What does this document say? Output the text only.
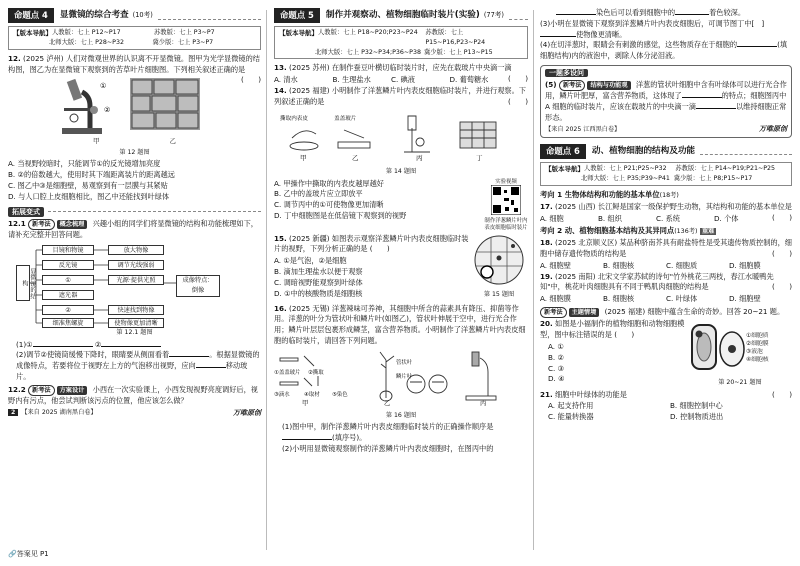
命题点 4	显微镜的综合考查 (10考)
【版本导航】 人教版：七上 P12~P17	苏教版：七上 P3~P7
北师大版：七上 P28~P32	冀少版：七上 P3~P7
12. (2025 泸州) 人们对微观世界的认识离不开显微镜。图甲为光学显微镜的结构图，图乙为在显微镜下观察到的苦草叶片细胞图。下列相关叙述正确的是
(　　)
①
②
甲	乙
第 12 题图
A. 当视野较暗时，只能调节①的反光镜增加亮度
B. ②的倍数越大，使用时其下端距离装片的距离越远
C. 图乙中③是细胞壁，易观察到有一层膜与其紧贴
D. 与人口腔上皮细胞相比，图乙中还能找到叶绿体
拓展变式
12.1 新考法 概念梳理 兴趣小组的同学们将显微镜的结构和功能梳理如下，请补充完整并回答问题。
显微镜的结构
目镜和物镜
反光镜
①
遮光器
②
细准焦螺旋
放大物像
调节光线强弱
光源·提供光照
快速找到物像
使物像更加清晰
成像特点：倒像
第 12.1 题图
(1)①	②
(2)调节②使镜筒缓慢下降时，眼睛要从侧面看着	。根据显微镜的成像特点，若要将位于视野左上方的气泡移出视野，应向	移动玻片。
12.2 新考法 方案设计 小西在一次实验课上，小西发现视野亮度调好后，视野内有污点，他尝试判断该污点的位置，他应该怎么做？
2 【来自 2025 湖南黑白卷】	万唯原创
命题点 5	制作并观察动、植物细胞临时装片(实验) (77考)
【版本导航】 人教版：七上 P18~P20;P23~P24	苏教版：七上 P15~P16,P23~P24
北师大版：七上 P32~P34;P36~P38 冀少版：七上 P13~P15
13. (2025 苏州) 在制作蚕豆叶横切临时装片时，应先在载玻片中央滴一滴
(　　)
A. 清水	B. 生理盐水	C. 碘液	D. 葡萄糖水
14. (2025 福建) 小明制作了洋葱鳞片叶内表皮细胞临时装片，并进行观察。下列叙述正确的是	(　　)
撕取内表皮	盖盖玻片
甲	乙	丙	丁
第 14 题图
A. 甲操作中撕取的内表皮越厚越好
B. 乙中的盖玻片应立即放平
C. 调节丙中的①可使物像更加清晰
D. 丁中细胞图是在低倍镜下观察到的视野
实验视频
制作洋葱鳞片叶内表皮细胞临时装片
15. (2025 新疆) 如图表示观察洋葱鳞片叶内表皮细胞临时装片的视野，下列分析正确的是 (　　)
A. ①是气泡，②是细胞
B. 滴加生理盐水以便于观察
C. 调暗视野能观察到叶绿体
D. ①中的核酸物质是细胞核	第 15 题图
16. (2025 无锡) 洋葱辣味可养神，其细胞中所含的蒜素具有降压、抑菌等作用。洋葱的叶分为管状叶和鳞片叶(如图乙)，管状叶伸展于空中，进行光合作用；鳞片叶层层包裹形成鳞茎，富含营养物质。小明制作了洋葱鳞片叶内表皮细胞的临时装片，请回答下列问题。
①盖盖玻片 ②撕取
③滴水	④取材 ⑤染色
管状叶
鳞片叶
甲	乙	丙
第 16 题图
(1)图中甲，制作洋葱鳞片叶内表皮细胞临时装片的正确操作顺序是(填序号)。
(2)小明用显微镜观察制作的洋葱鳞片叶内表皮细胞时，在图丙中的
染色后可以看到细胞中的	着色较深。
(3)小明在显微镜下观察到洋葱鳞片叶内表皮细胞后，可调节图丁中[　]使物像更清晰。
(4)在切洋葱时，眼睛会有刺激的感觉，这些物质存在于细胞的	(填细胞结构)内的液泡中，剥除人体分泌泪液。
一题多设问
(5) 新考法 结构与功能观 洋葱的管状叶细胞中含有叶绿体可以进行光合作用，鳞片叶肥厚，富含营养物质，这体现了	的特点；细胞图丙中 A 细胞的临时装片，应该在载玻片的中央滴一滴	以维持细胞正常形态。
【来自 2025 江西黑白卷】	万唯原创
命题点 6	动、植物细胞的结构及功能
【版本导航】 人教版：七上 P21;P25~P32	苏教版：七上 P14~P19;P21~P25
北师大版：七上 P35;P39~P41 冀少版：七上 P8;P15~P17
考向 1 生物体结构和功能的基本单位(18考)
17. (2025 山西) 长江鲟是国家一级保护野生动物，其结构和功能的基本单位是
(　　)
A. 细胞	B. 组织	C. 系统	D. 个体
考向 2 动、植物细胞基本结构及其异同点(136考) 重难
18. (2025 北京顺义区) 某品种脐南芥具有耐盐特性是受其遗传物质控制的，细胞中储存遗传物质的结构是	(　　)
A. 细胞壁	B. 细胞核	C. 细胞质	D. 细胞膜
19. (2025 南阳) 北宋文学家苏轼的诗句"竹外桃花三两枝，春江水暖鸭先知"中，桃花叶肉细胞具有不同于鸭肌肉细胞的结构是	(　　)
A. 细胞膜	B. 细胞核	C. 叶绿体	D. 细胞壁
新考法 主题情境 (2025 福建) 细胞中蕴含生命的奇妙。回答 20~21 题。
20. 如图是小福制作的植物细胞和动物细胞模型，图中标注错误的是 (　　)
A. ①
B. ②
C. ③
D. ④
①细胞质
②细胞膜
③液泡
④细胞核
第 20~21 题图
21. 细胞中叶绿体的功能是	(　　)
A. 起支持作用	B. 细胞控制中心
C. 能量转换器	D. 控制物质进出
🔗答案见 P1
